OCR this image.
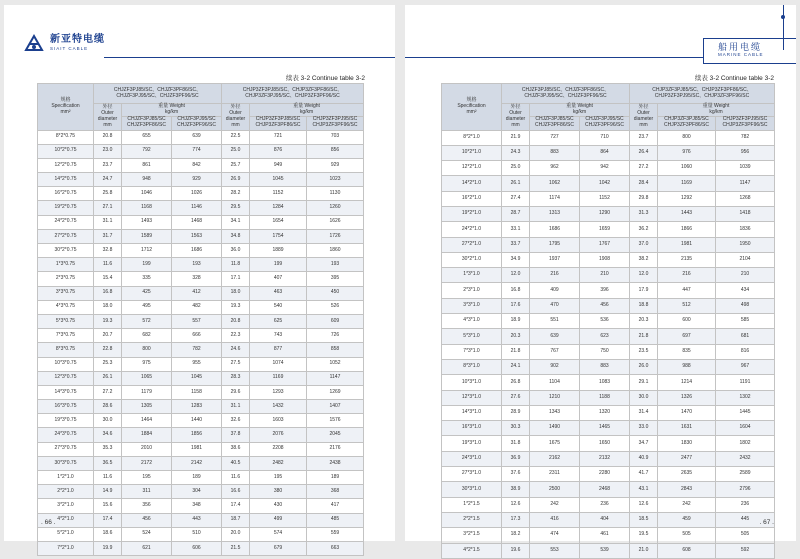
新亚特电缆
SIAIT CABLE
续表 3-2 Continue table 3-2
规格
Specification
mm²	CHJZF3PJ85/SC、CHJZF3PF86/SC、CHJZF3PJ95/SC、CHJZF3PF96/SC			CHJP3ZF3PJ85/SC、CHJP3ZF3PF86/SC、CHJP3ZF3PJ95/SC、CHJP3ZF3PF96/SC		
	外径
Outer diameter
mm	重量 Weight
kg/km		外径
Outer diameter
mm	重量 Weight
kg/km	
		CHJZF3PJ85/SC CHJZF3PF86/SC	CHJZF3PJ95/SC CHJZF3PF96/SC		CHJP3ZF3PJ85/SC CHJP3ZF3PF86/SC	CHJP3ZF3PJ95/SC CHJP3ZF3PF96/SC
8*2*0.75	20.8	655	639	22.5	721	703
10*2*0.75	23.0	792	774	25.0	876	856
12*2*0.75	23.7	861	842	25.7	949	929
14*2*0.75	24.7	948	929	26.9	1045	1023
16*2*0.75	25.8	1046	1026	28.2	1152	1130
19*2*0.75	27.1	1168	1146	29.5	1284	1260
24*2*0.75	31.1	1493	1468	34.1	1654	1626
27*2*0.75	31.7	1589	1563	34.8	1754	1726
30*2*0.75	32.8	1712	1686	36.0	1889	1860
1*3*0.75	11.6	199	193	11.8	199	193
2*3*0.75	15.4	335	328	17.1	407	395
3*3*0.75	16.8	425	412	18.0	463	450
4*3*0.75	18.0	495	482	19.3	540	526
5*3*0.75	19.3	572	557	20.8	625	609
7*3*0.75	20.7	682	666	22.3	743	726
8*3*0.75	22.8	800	782	24.6	877	858
10*3*0.75	25.3	975	955	27.5	1074	1052
12*3*0.75	26.1	1065	1045	28.3	1169	1147
14*3*0.75	27.2	1179	1158	29.6	1293	1269
16*3*0.75	28.6	1305	1283	31.1	1432	1407
19*3*0.75	30.0	1464	1440	32.6	1603	1576
24*3*0.75	34.6	1884	1856	37.8	2076	2045
27*3*0.75	35.3	2010	1981	38.6	2208	2176
30*3*0.75	36.5	2172	2142	40.5	2482	2438
1*2*1.0	11.6	195	189	11.6	195	189
2*2*1.0	14.9	311	304	16.6	380	368
3*2*1.0	15.6	356	348	17.4	430	417
4*2*1.0	17.4	456	443	18.7	499	485
5*2*1.0	18.6	524	510	20.0	574	559
7*2*1.0	19.9	621	606	21.5	679	663
. 66 .
船用电缆
MARINE CABLE
续表 3-2 Continue table 3-2
规格
Specification
mm²	CHJZF3PJ85/SC、CHJZF3PF86/SC、CHJZF3PJ95/SC、CHJZF3PF96/SC			CHJP3ZF3PJ85/SC、CHJP3ZF3PF86/SC、CHJP3ZF3PJ95/SC、CHJP3ZF3PF96/SC		
	外径
Outer diameter
mm	重量 Weight
kg/km		外径
Outer diameter
mm	重量 Weight
kg/km	
		CHJZF3PJ85/SC CHJZF3PF86/SC	CHJZF3PJ95/SC CHJZF3PF96/SC		CHJP3ZF3PJ85/SC CHJP3ZF3PF86/SC	CHJP3ZF3PJ95/SC CHJP3ZF3PF96/SC
8*2*1.0	21.9	727	710	23.7	800	782
10*2*1.0	24.3	883	864	26.4	976	956
12*2*1.0	25.0	962	942	27.2	1060	1039
14*2*1.0	26.1	1062	1042	28.4	1169	1147
16*2*1.0	27.4	1174	1152	29.8	1292	1268
19*2*1.0	28.7	1313	1290	31.3	1443	1418
24*2*1.0	33.1	1686	1659	36.2	1866	1836
27*2*1.0	33.7	1795	1767	37.0	1981	1950
30*2*1.0	34.9	1937	1908	38.2	2135	2104
1*3*1.0	12.0	216	210	12.0	216	210
2*3*1.0	16.8	409	396	17.9	447	434
3*3*1.0	17.6	470	456	18.8	512	498
4*3*1.0	18.9	551	536	20.3	600	585
5*3*1.0	20.3	639	623	21.8	697	681
7*3*1.0	21.8	767	750	23.5	835	816
8*3*1.0	24.1	902	883	26.0	988	967
10*3*1.0	26.8	1104	1083	29.1	1214	1191
12*3*1.0	27.6	1210	1188	30.0	1326	1302
14*3*1.0	28.9	1343	1320	31.4	1470	1445
16*3*1.0	30.3	1490	1465	33.0	1631	1604
19*3*1.0	31.8	1675	1650	34.7	1830	1802
24*3*1.0	36.9	2162	2132	40.9	2477	2432
27*3*1.0	37.6	2311	2280	41.7	2635	2589
30*3*1.0	38.9	2500	2468	43.1	2843	2796
1*2*1.5	12.6	242	236	12.6	242	236
2*2*1.5	17.3	416	404	18.5	459	445
3*2*1.5	18.2	474	461	19.5	505	505
4*2*1.5	19.6	553	539	21.0	608	592
. 67 .
